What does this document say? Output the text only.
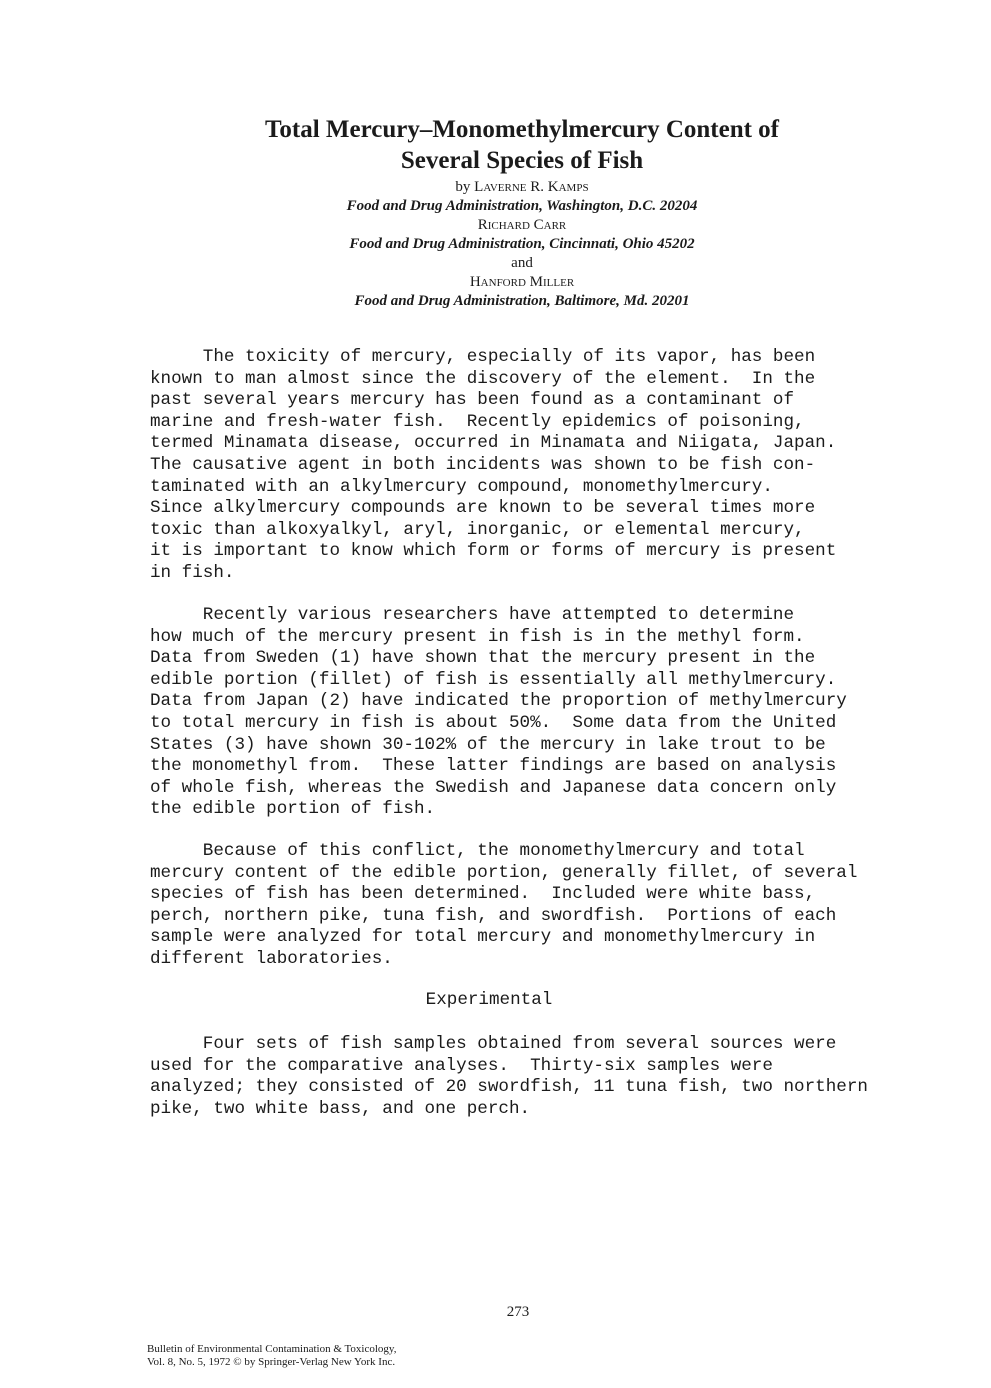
Total Mercury–Monomethylmercury Content of
Several Species of Fish
by Laverne R. Kamps
Food and Drug Administration, Washington, D.C. 20204
Richard Carr
Food and Drug Administration, Cincinnati, Ohio 45202
and
Hanford Miller
Food and Drug Administration, Baltimore, Md. 20201
The toxicity of mercury, especially of its vapor, has been
known to man almost since the discovery of the element.  In the
past several years mercury has been found as a contaminant of
marine and fresh-water fish.  Recently epidemics of poisoning,
termed Minamata disease, occurred in Minamata and Niigata, Japan.
The causative agent in both incidents was shown to be fish con-
taminated with an alkylmercury compound, monomethylmercury.
Since alkylmercury compounds are known to be several times more
toxic than alkoxyalkyl, aryl, inorganic, or elemental mercury,
it is important to know which form or forms of mercury is present
in fish.
Recently various researchers have attempted to determine
how much of the mercury present in fish is in the methyl form.
Data from Sweden (1) have shown that the mercury present in the
edible portion (fillet) of fish is essentially all methylmercury.
Data from Japan (2) have indicated the proportion of methylmercury
to total mercury in fish is about 50%.  Some data from the United
States (3) have shown 30-102% of the mercury in lake trout to be
the monomethyl from.  These latter findings are based on analysis
of whole fish, whereas the Swedish and Japanese data concern only
the edible portion of fish.
Because of this conflict, the monomethylmercury and total
mercury content of the edible portion, generally fillet, of several
species of fish has been determined.  Included were white bass,
perch, northern pike, tuna fish, and swordfish.  Portions of each
sample were analyzed for total mercury and monomethylmercury in
different laboratories.
Experimental
Four sets of fish samples obtained from several sources were
used for the comparative analyses.  Thirty-six samples were
analyzed; they consisted of 20 swordfish, 11 tuna fish, two northern
pike, two white bass, and one perch.
273
Bulletin of Environmental Contamination & Toxicology,
Vol. 8, No. 5, 1972 © by Springer-Verlag New York Inc.
